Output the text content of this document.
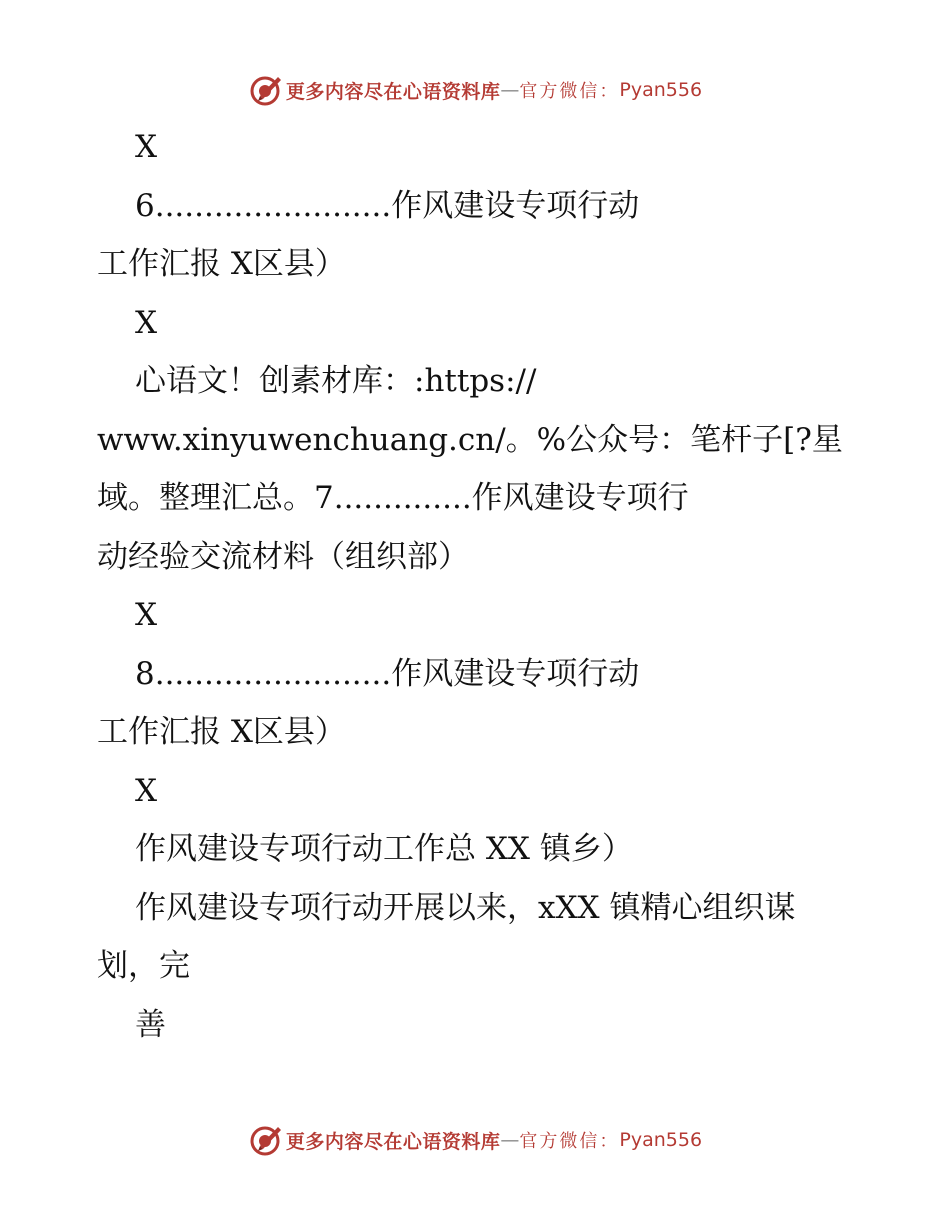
更多内容尽在心语资料库 — 官方微信： Pyan556
X
6........................作风建设专项行动
工作汇报 X区县）
X
心语文！创素材库：:https://
www.xinyuwenchuang.cn/。%公众号：笔杆子[?星
域。整理汇总。7..............作风建设专项行
动经验交流材料（组织部）
X
8........................作风建设专项行动
工作汇报 X区县）
X
作风建设专项行动工作总 XX 镇乡）
作风建设专项行动开展以来，xXX 镇精心组织谋
划，完
善
更多内容尽在心语资料库 — 官方微信： Pyan556
